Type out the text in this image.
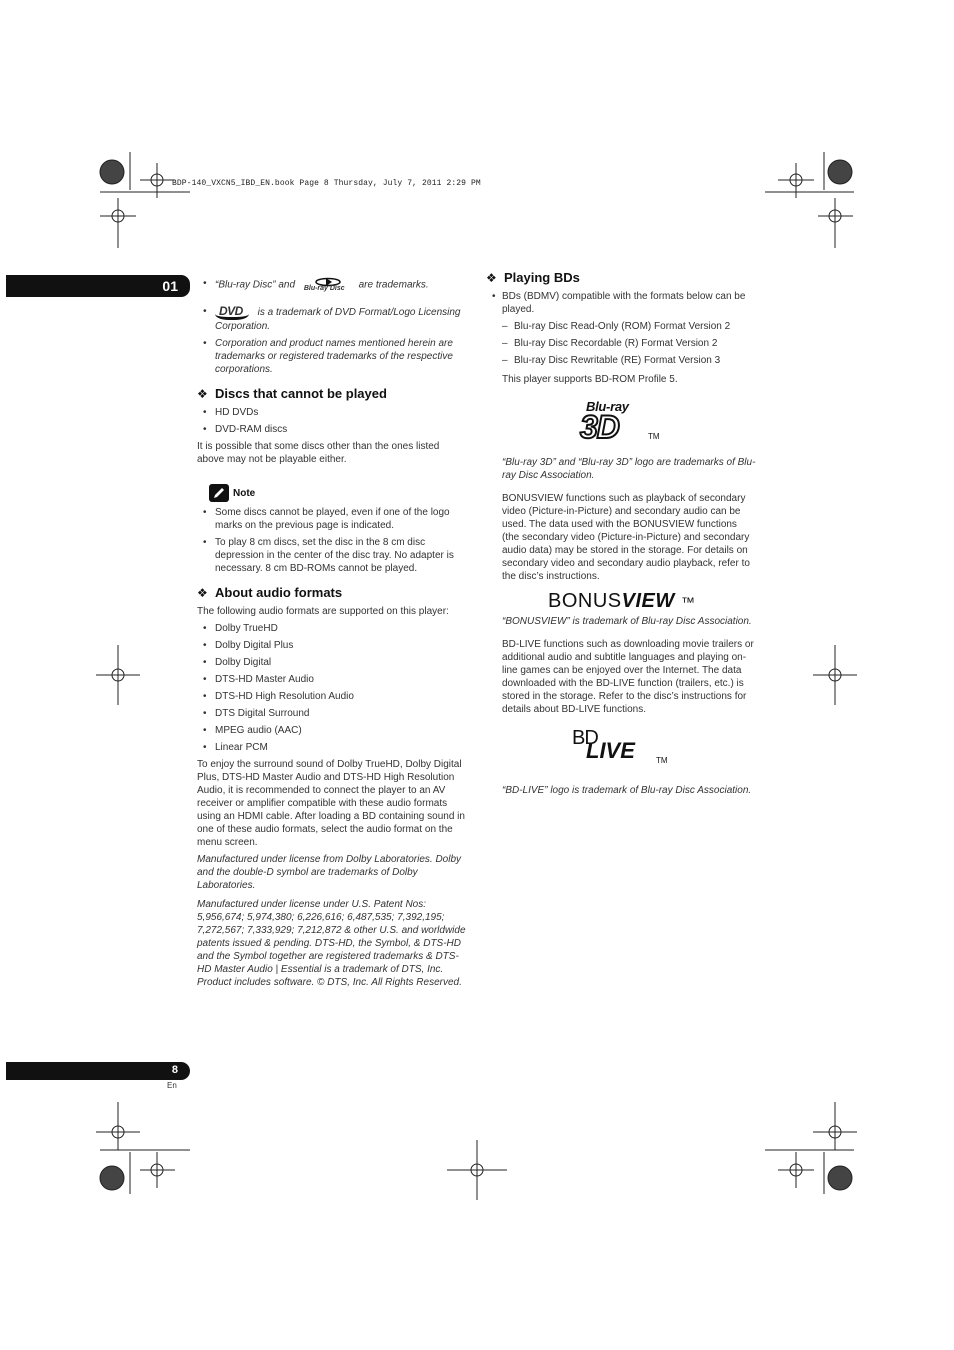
BDP-140_VXCN5_IBD_EN.book Page 8 Thursday, July 7, 2011 2:29 PM
01
•	“Blu-ray Disc” and Blu-ray Disc are trademarks.
• DVD is a trademark of DVD Format/Logo Licensing Corporation.
• Corporation and product names mentioned herein are trademarks or registered trademarks of the respective corporations.
❖ Discs that cannot be played
• HD DVDs
• DVD-RAM discs

It is possible that some discs other than the ones listed above may not be playable either.

Note
• Some discs cannot be played, even if one of the logo marks on the previous page is indicated.
• To play 8 cm discs, set the disc in the 8 cm disc depression in the center of the disc tray. No adapter is necessary. 8 cm BD-ROMs cannot be played.
❖ About audio formats

The following audio formats are supported on this player:

• Dolby TrueHD
• Dolby Digital Plus
• Dolby Digital
• DTS-HD Master Audio
• DTS-HD High Resolution Audio
• DTS Digital Surround
• MPEG audio (AAC)
• Linear PCM

To enjoy the surround sound of Dolby TrueHD, Dolby Digital Plus, DTS-HD Master Audio and DTS-HD High Resolution Audio, it is recommended to connect the player to an AV receiver or amplifier compatible with these audio formats using an HDMI cable. After loading a BD containing sound in one of these audio formats, select the audio format on the menu screen.

Manufactured under license from Dolby Laboratories. Dolby and the double-D symbol are trademarks of Dolby Laboratories.

Manufactured under license under U.S. Patent Nos: 5,956,674; 5,974,380; 6,226,616; 6,487,535; 7,392,195; 7,272,567; 7,333,929; 7,212,872 & other U.S. and worldwide patents issued & pending. DTS-HD, the Symbol, & DTS-HD and the Symbol together are registered trademarks & DTS-HD Master Audio | Essential is a trademark of DTS, Inc. Product includes software. © DTS, Inc. All Rights Reserved.

❖ Playing BDs
• BDs (BDMV) compatible with the formats below can be played.
– Blu-ray Disc Read-Only (ROM) Format Version 2
– Blu-ray Disc Recordable (R) Format Version 2
– Blu-ray Disc Rewritable (RE) Format Version 3

This player supports BD-ROM Profile 5.

Blu-ray
3D	TM

“Blu-ray 3D” and “Blu-ray 3D” logo are trademarks of Blu-ray Disc Association.

BONUSVIEW functions such as playback of secondary video (Picture-in-Picture) and secondary audio can be used. The data used with the BONUSVIEW functions (the secondary video (Picture-in-Picture) and secondary audio data) may be stored in the storage. For details on secondary video and secondary audio playback, refer to the disc’s instructions.

BONUSVIEW ™

“BONUSVIEW” is trademark of Blu-ray Disc Association.

BD-LIVE functions such as downloading movie trailers or additional audio and subtitle languages and playing on-line games can be enjoyed over the Internet. The data downloaded with the BD-LIVE function (trailers, etc.) is stored in the storage. Refer to the disc’s instructions for details about BD-LIVE functions.

BD
LIVE	TM

“BD-LIVE” logo is trademark of Blu-ray Disc Association.

8
En
